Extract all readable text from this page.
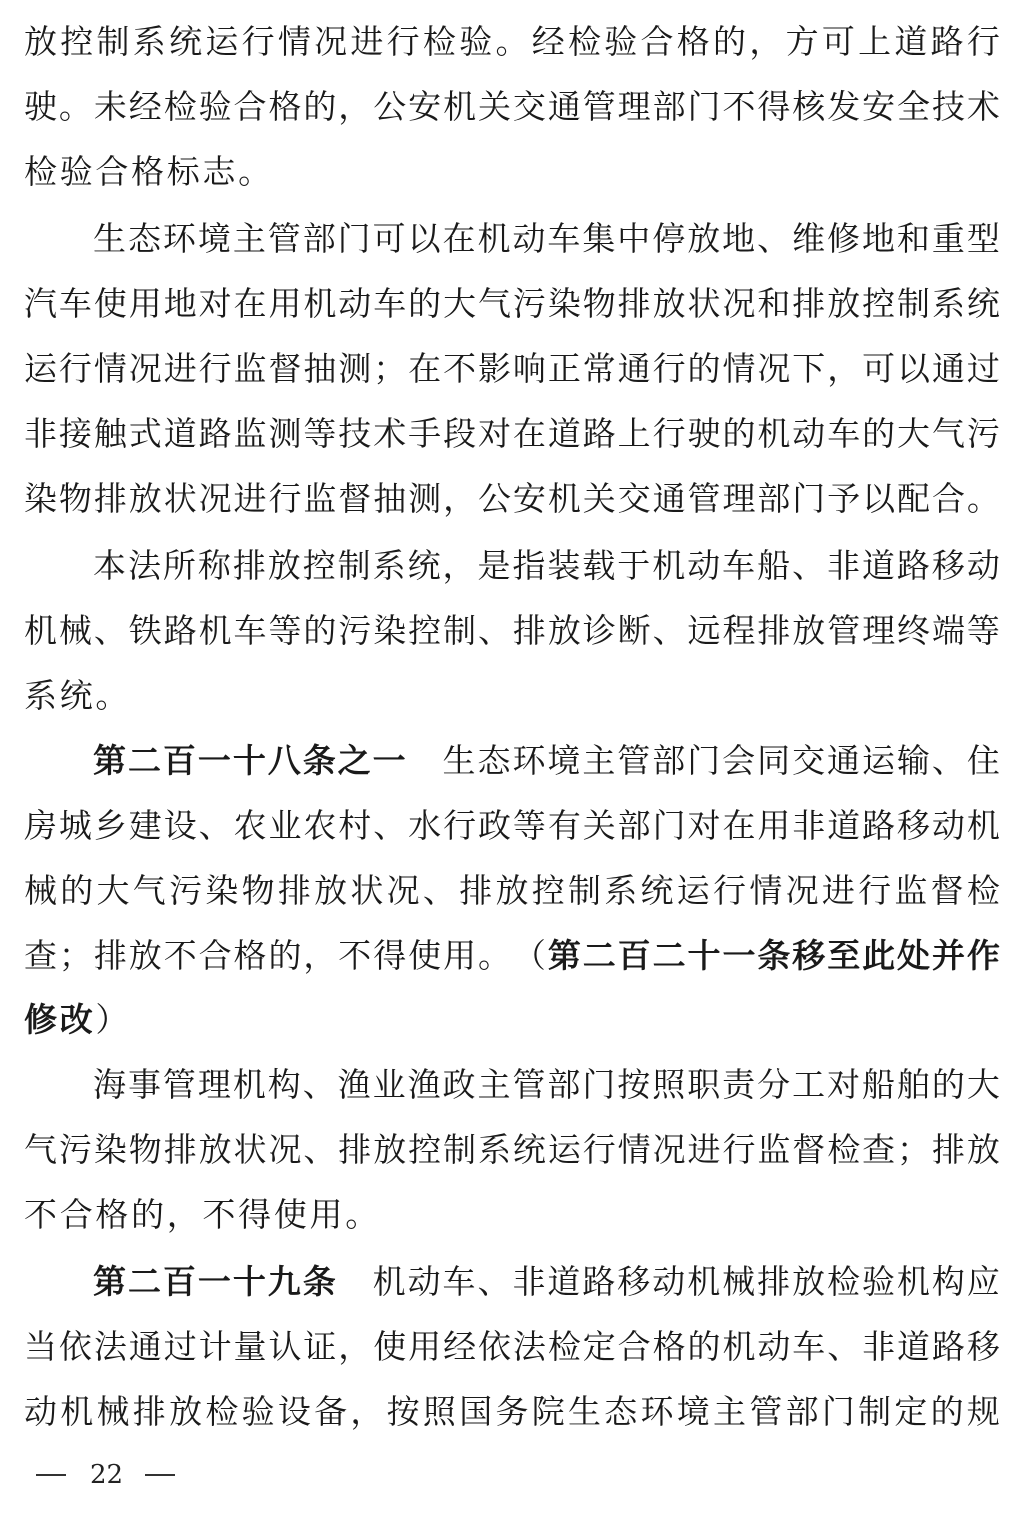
放 控 制 系 统 运 行 情 况 进 行 检 验 。 经 检 验 合 格 的 ， 方 可 上 道 路 行
驶 。 未 经 检 验 合 格 的 ， 公 安 机 关 交 通 管 理 部 门 不 得 核 发 安 全 技 术
检 验 合 格 标 志 。
生 态 环 境 主 管 部 门 可 以 在 机 动 车 集 中 停 放 地 、 维 修 地 和 重 型
汽 车 使 用 地 对 在 用 机 动 车 的 大 气 污 染 物 排 放 状 况 和 排 放 控 制 系 统
运 行 情 况 进 行 监 督 抽 测 ； 在 不 影 响 正 常 通 行 的 情 况 下 ， 可 以 通 过
非 接 触 式 道 路 监 测 等 技 术 手 段 对 在 道 路 上 行 驶 的 机 动 车 的 大 气 污
染 物 排 放 状 况 进 行 监 督 抽 测 ， 公 安 机 关 交 通 管 理 部 门 予 以 配 合 。
本 法 所 称 排 放 控 制 系 统 ， 是 指 装 载 于 机 动 车 船 、 非 道 路 移 动
机 械 、 铁 路 机 车 等 的 污 染 控 制 、 排 放 诊 断 、 远 程 排 放 管 理 终 端 等
系 统 。
第 二 百 一 十 八 条 之 一 生 态 环 境 主 管 部 门 会 同 交 通 运 输 、 住
房 城 乡 建 设 、 农 业 农 村 、 水 行 政 等 有 关 部 门 对 在 用 非 道 路 移 动 机
械 的 大 气 污 染 物 排 放 状 况 、 排 放 控 制 系 统 运 行 情 况 进 行 监 督 检
查 ； 排 放 不 合 格 的 ， 不 得 使 用 。 （ 第 二 百 二 十 一 条 移 至 此 处 并 作
修 改 ）
海 事 管 理 机 构 、 渔 业 渔 政 主 管 部 门 按 照 职 责 分 工 对 船 舶 的 大
气 污 染 物 排 放 状 况 、 排 放 控 制 系 统 运 行 情 况 进 行 监 督 检 查 ； 排 放
不 合 格 的 ， 不 得 使 用 。
第 二 百 一 十 九 条 机 动 车 、 非 道 路 移 动 机 械 排 放 检 验 机 构 应
当 依 法 通 过 计 量 认 证 ， 使 用 经 依 法 检 定 合 格 的 机 动 车 、 非 道 路 移
动 机 械 排 放 检 验 设 备 ， 按 照 国 务 院 生 态 环 境 主 管 部 门 制 定 的 规
22
